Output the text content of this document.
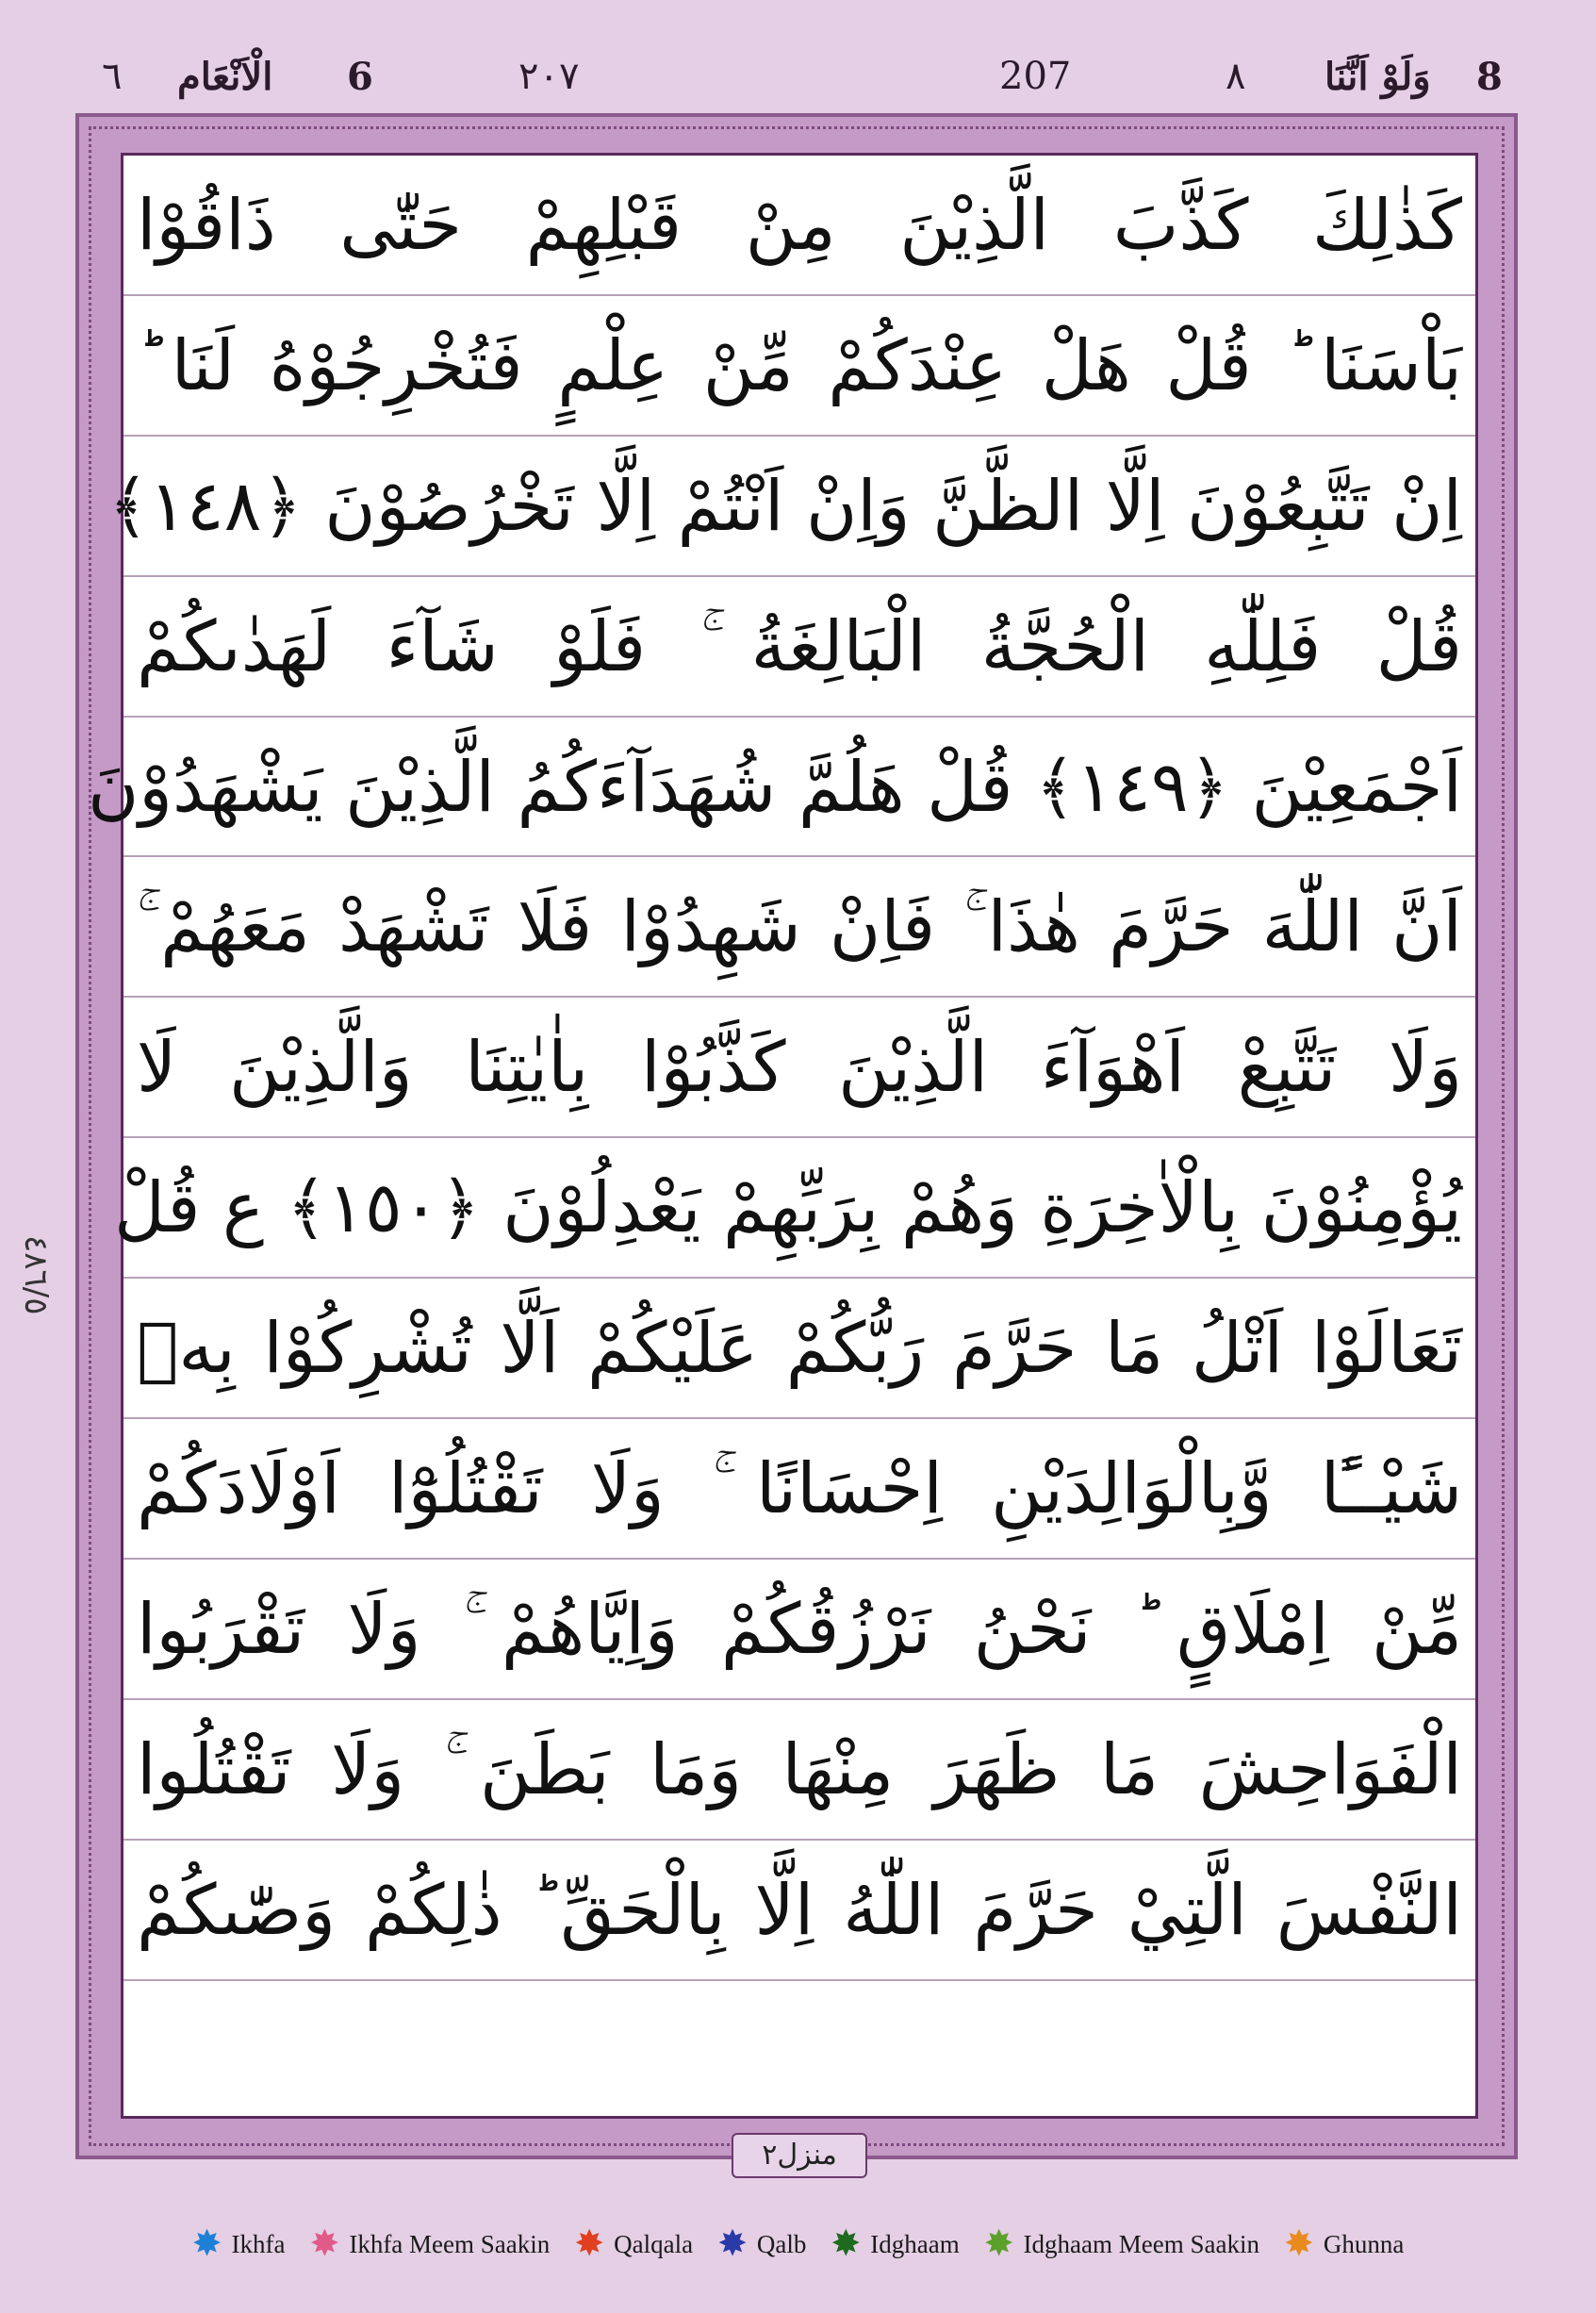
8
وَلَوْ اَنَّنَا
٨
207
٢٠٧
6
الْاَنْعَام
٦
كَذٰلِكَ كَذَّبَ الَّذِيْنَ مِنْ قَبْلِهِمْ حَتّٰى ذَاقُوْا
بَاْسَنَا ؕ قُلْ هَلْ عِنْدَكُمْ مِّنْ عِلْمٍ فَتُخْرِجُوْهُ لَنَا ؕ
اِنْ تَتَّبِعُوْنَ اِلَّا الظَّنَّ وَاِنْ اَنْتُمْ اِلَّا تَخْرُصُوْنَ ﴿١٤٨﴾
قُلْ فَلِلّٰهِ الْحُجَّةُ الْبَالِغَةُ ۚ فَلَوْ شَآءَ لَهَدٰىكُمْ
اَجْمَعِيْنَ ﴿١٤٩﴾ قُلْ هَلُمَّ شُهَدَآءَكُمُ الَّذِيْنَ يَشْهَدُوْنَ
اَنَّ اللّٰهَ حَرَّمَ هٰذَا ۚ فَاِنْ شَهِدُوْا فَلَا تَشْهَدْ مَعَهُمْ ۚ
وَلَا تَتَّبِعْ اَهْوَآءَ الَّذِيْنَ كَذَّبُوْا بِاٰيٰتِنَا وَالَّذِيْنَ لَا
يُؤْمِنُوْنَ بِالْاٰخِرَةِ وَهُمْ بِرَبِّهِمْ يَعْدِلُوْنَ ﴿١٥٠﴾ ع قُلْ
تَعَالَوْا اَتْلُ مَا حَرَّمَ رَبُّكُمْ عَلَيْكُمْ اَلَّا تُشْرِكُوْا بِهٖ
شَيْــًٔا وَّبِالْوَالِدَيْنِ اِحْسَانًا ۚ وَلَا تَقْتُلُوْٓا اَوْلَادَكُمْ
مِّنْ اِمْلَاقٍ ؕ نَحْنُ نَرْزُقُكُمْ وَاِيَّاهُمْ ۚ وَلَا تَقْرَبُوا
الْفَوَاحِشَ مَا ظَهَرَ مِنْهَا وَمَا بَطَنَ ۚ وَلَا تَقْتُلُوا
النَّفْسَ الَّتِيْ حَرَّمَ اللّٰهُ اِلَّا بِالْحَقِّ ؕ ذٰلِكُمْ وَصّٰىكُمْ
٤٨٦/٥
منزل٢
✸ Ikhfa ✸ Ikhfa Meem Saakin ✸ Qalqala ✸ Qalb ✸ Idghaam ✸ Idghaam Meem Saakin ✸ Ghunna
